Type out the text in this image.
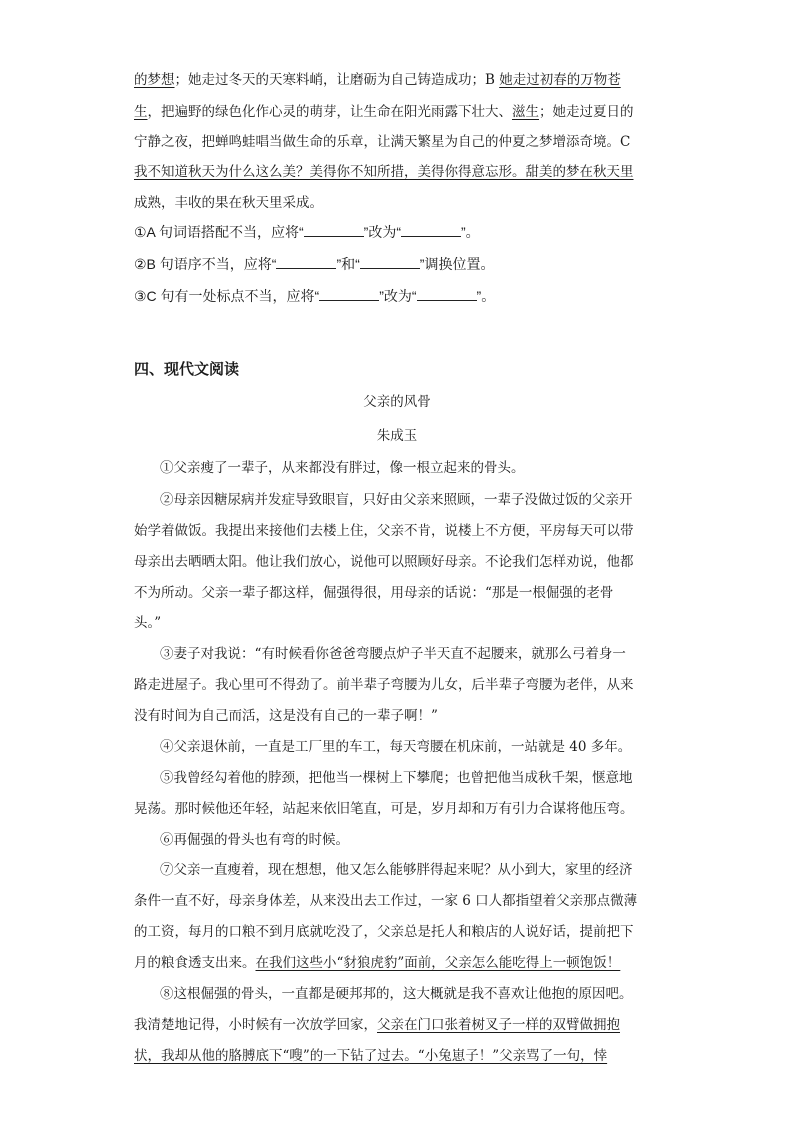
的梦想；她走过冬天的天寒料峭，让磨砺为自己铸造成功；B 她走过初春的万物苍
生，把遍野的绿色化作心灵的萌芽，让生命在阳光雨露下壮大、滋生；她走过夏日的
宁静之夜，把蝉鸣蛙唱当做生命的乐章，让满天繁星为自己的仲夏之梦增添奇境。C
我不知道秋天为什么这么美？美得你不知所措，美得你得意忘形。甜美的梦在秋天里
成熟，丰收的果在秋天里采成。
①A 句词语搭配不当，应将“	”改为“	”。
②B 句语序不当，应将“	”和“	”调换位置。
③C 句有一处标点不当，应将“	”改为“	”。
四、现代文阅读
父亲的风骨
朱成玉
①父亲瘦了一辈子，从来都没有胖过，像一根立起来的骨头。
②母亲因糖尿病并发症导致眼盲，只好由父亲来照顾，一辈子没做过饭的父亲开
始学着做饭。我提出来接他们去楼上住，父亲不肯，说楼上不方便，平房每天可以带
母亲出去晒晒太阳。他让我们放心，说他可以照顾好母亲。不论我们怎样劝说，他都
不为所动。父亲一辈子都这样，倔强得很，用母亲的话说：“那是一根倔强的老骨
头。”
③妻子对我说：“有时候看你爸爸弯腰点炉子半天直不起腰来，就那么弓着身一
路走进屋子。我心里可不得劲了。前半辈子弯腰为儿女，后半辈子弯腰为老伴，从来
没有时间为自己而活，这是没有自己的一辈子啊！”
④父亲退休前，一直是工厂里的车工，每天弯腰在机床前，一站就是 40 多年。
⑤我曾经勾着他的脖颈，把他当一棵树上下攀爬；也曾把他当成秋千架，惬意地
晃荡。那时候他还年轻，站起来依旧笔直，可是，岁月却和万有引力合谋将他压弯。
⑥再倔强的骨头也有弯的时候。
⑦父亲一直瘦着，现在想想，他又怎么能够胖得起来呢？从小到大，家里的经济
条件一直不好，母亲身体差，从来没出去工作过，一家 6 口人都指望着父亲那点微薄
的工资，每月的口粮不到月底就吃没了，父亲总是托人和粮店的人说好话，提前把下
月的粮食透支出来。在我们这些小“豺狼虎豹”面前，父亲怎么能吃得上一顿饱饭！
⑧这根倔强的骨头，一直都是硬邦邦的，这大概就是我不喜欢让他抱的原因吧。
我清楚地记得，小时候有一次放学回家，父亲在门口张着树叉子一样的双臂做拥抱
状，我却从他的胳膊底下“嗖”的一下钻了过去。“小兔崽子！”父亲骂了一句，悻
